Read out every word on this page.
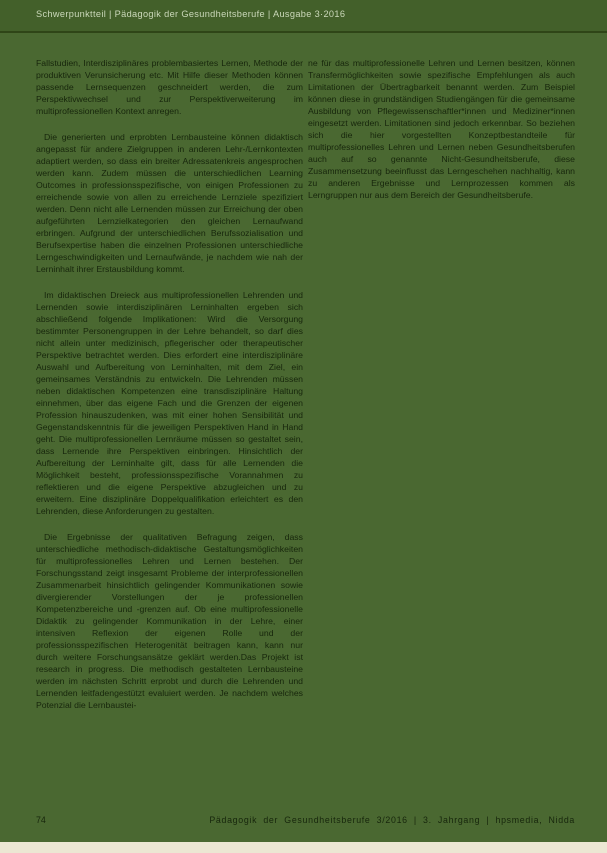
Schwerpunktteil | Pädagogik der Gesundheitsberufe | Ausgabe 3·2016

Fallstudien, Interdisziplinäres problembasiertes Lernen, Methode der produktiven Verunsicherung etc. Mit Hilfe dieser Methoden können passende Lernsequenzen geschneidert werden, die zum Perspektivwechsel und zur Perspektiverweiterung im multiprofessionellen Kontext anregen.

Die generierten und erprobten Lernbausteine können didaktisch angepasst für andere Zielgruppen in anderen Lehr-/Lernkontexten adaptiert werden, so dass ein breiter Adressatenkreis angesprochen werden kann. Zudem müssen die unterschiedlichen Learning Outcomes in professionsspezifische, von einigen Professionen zu erreichende sowie von allen zu erreichende Lernziele spezifiziert werden. Denn nicht alle Lernenden müssen zur Erreichung der oben aufgeführten Lernzielkategorien den gleichen Lernaufwand erbringen. Aufgrund der unterschiedlichen Berufssozialisation und Berufsexpertise haben die einzelnen Professionen unterschiedliche Lerngeschwindigkeiten und Lernaufwände, je nachdem wie nah der Lerninhalt ihrer Erstausbildung kommt.

Im didaktischen Dreieck aus multiprofessionellen Lehrenden und Lernenden sowie interdisziplinären Lerninhalten ergeben sich abschließend folgende Implikationen: Wird die Versorgung bestimmter Personengruppen in der Lehre behandelt, so darf dies nicht allein unter medizinisch, pflegerischer oder therapeutischer Perspektive betrachtet werden. Dies erfordert eine interdisziplinäre Auswahl und Aufbereitung von Lerninhalten, mit dem Ziel, ein gemeinsames Verständnis zu entwickeln. Die Lehrenden müssen neben didaktischen Kompetenzen eine transdisziplinäre Haltung einnehmen, über das eigene Fach und die Grenzen der eigenen Profession hinauszudenken, was mit einer hohen Sensibilität und Gegenstandskenntnis für die jeweiligen Perspektiven Hand in Hand geht. Die multiprofessionellen Lernräume müssen so gestaltet sein, dass Lernende ihre Perspektiven einbringen. Hinsichtlich der Aufbereitung der Lerninhalte gilt, dass für alle Lernenden die Möglichkeit besteht, professionsspezifische Vorannahmen zu reflektieren und die eigene Perspektive abzugleichen und zu erweitern. Eine disziplinäre Doppelqualifikation erleichtert es den Lehrenden, diese Anforderungen zu gestalten.

Die Ergebnisse der qualitativen Befragung zeigen, dass unterschiedliche methodisch-didaktische Gestaltungsmöglichkeiten für multiprofessionelles Lehren und Lernen bestehen. Der Forschungsstand zeigt insgesamt Probleme der interprofessionellen Zusammenarbeit hinsichtlich gelingender Kommunikationen sowie divergierender Vorstellungen der je professionellen Kompetenzbereiche und -grenzen auf. Ob eine multiprofessionelle Didaktik zu gelingender Kommunikation in der Lehre, einer intensiven Reflexion der eigenen Rolle und der professionsspezifischen Heterogenität beitragen kann, kann nur durch weitere Forschungsansätze geklärt werden.Das Projekt ist research in progress. Die methodisch gestalteten Lernbausteine werden im nächsten Schritt erprobt und durch die Lehrenden und Lernenden leitfadengestützt evaluiert werden. Je nachdem welches Potenzial die Lernbaustei-

ne für das multiprofessionelle Lehren und Lernen besitzen, können Transfermöglichkeiten sowie spezifische Empfehlungen als auch Limitationen der Übertragbarkeit benannt werden. Zum Beispiel können diese in grundständigen Studiengängen für die gemeinsame Ausbildung von Pflegewissenschaftler*innen und Mediziner*innen eingesetzt werden. Limitationen sind jedoch erkennbar. So beziehen sich die hier vorgestellten Konzeptbestandteile für multiprofessionelles Lehren und Lernen neben Gesundheitsberufen auch auf so genannte Nicht-Gesundheitsberufe, diese Zusammensetzung beeinflusst das Lerngeschehen nachhaltig, kann zu anderen Ergebnisse und Lernprozessen kommen als Lerngruppen nur aus dem Bereich der Gesundheitsberufe.

74	Pädagogik der Gesundheitsberufe 3/2016 | 3. Jahrgang | hpsmedia, Nidda
